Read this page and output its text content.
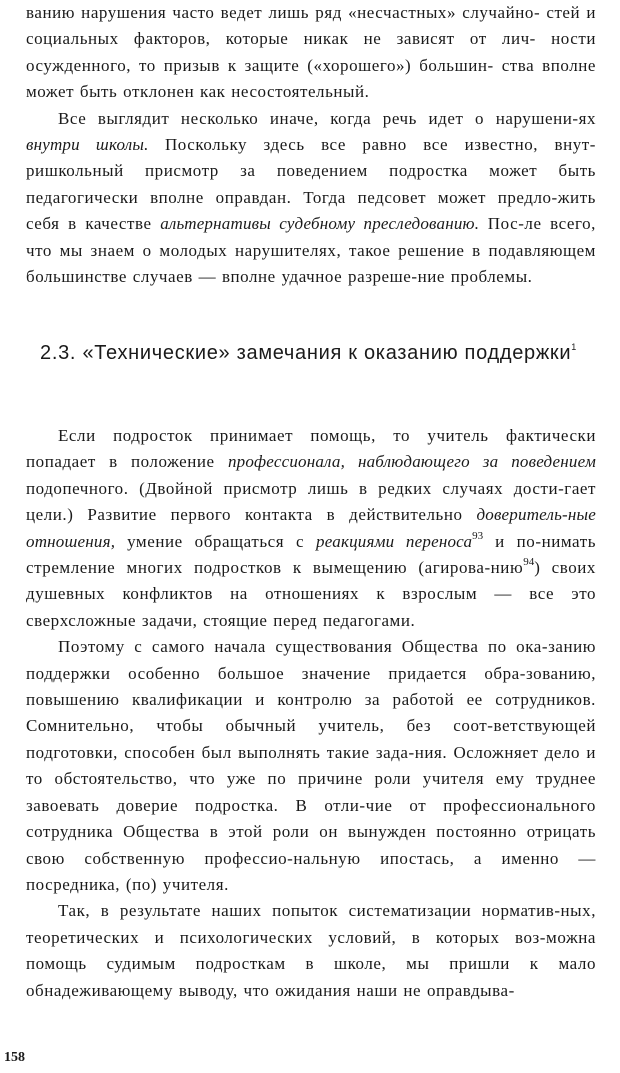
ванию нарушения часто ведет лишь ряд «несчастных» случайно- стей и социальных факторов, которые никак не зависят от лич- ности осужденного, то призыв к защите («хорошего») большин- ства вполне может быть отклонен как несостоятельный.

Все выглядит несколько иначе, когда речь идет о нарушени-ях внутри школы. Поскольку здесь все равно все известно, внут-ришкольный присмотр за поведением подростка может быть педагогически вполне оправдан. Тогда педсовет может предло-жить себя в качестве альтернативы судебному преследованию. Пос-ле всего, что мы знаем о молодых нарушителях, такое решение в подавляющем большинстве случаев — вполне удачное разреше-ние проблемы.

2.3. «Технические» замечания к оказанию поддержки$^1$

Если подросток принимает помощь, то учитель фактически попадает в положение профессионала, наблюдающего за поведением подопечного. (Двойной присмотр лишь в редких случаях дости-гает цели.) Развитие первого контакта в действительно доверитель-ные отношения, умение обращаться с реакциями переноса$^{93}$ и по-нимать стремление многих подростков к вымещению (агирова-нию$^{94}$) своих душевных конфликтов на отношениях к взрослым — все это сверхсложные задачи, стоящие перед педагогами.

Поэтому с самого начала существования Общества по ока-занию поддержки особенно большое значение придается обра-зованию, повышению квалификации и контролю за работой ее сотрудников. Сомнительно, чтобы обычный учитель, без соот-ветствующей подготовки, способен был выполнять такие зада-ния. Осложняет дело и то обстоятельство, что уже по причине роли учителя ему труднее завоевать доверие подростка. В отли-чие от профессионального сотрудника Общества в этой роли он вынужден постоянно отрицать свою собственную профессио-нальную ипостась, а именно — посредника, (по) учителя.

Так, в результате наших попыток систематизации норматив-ных, теоретических и психологических условий, в которых воз-можна помощь судимым подросткам в школе, мы пришли к мало обнадеживающему выводу, что ожидания наши не оправдыва-

158
